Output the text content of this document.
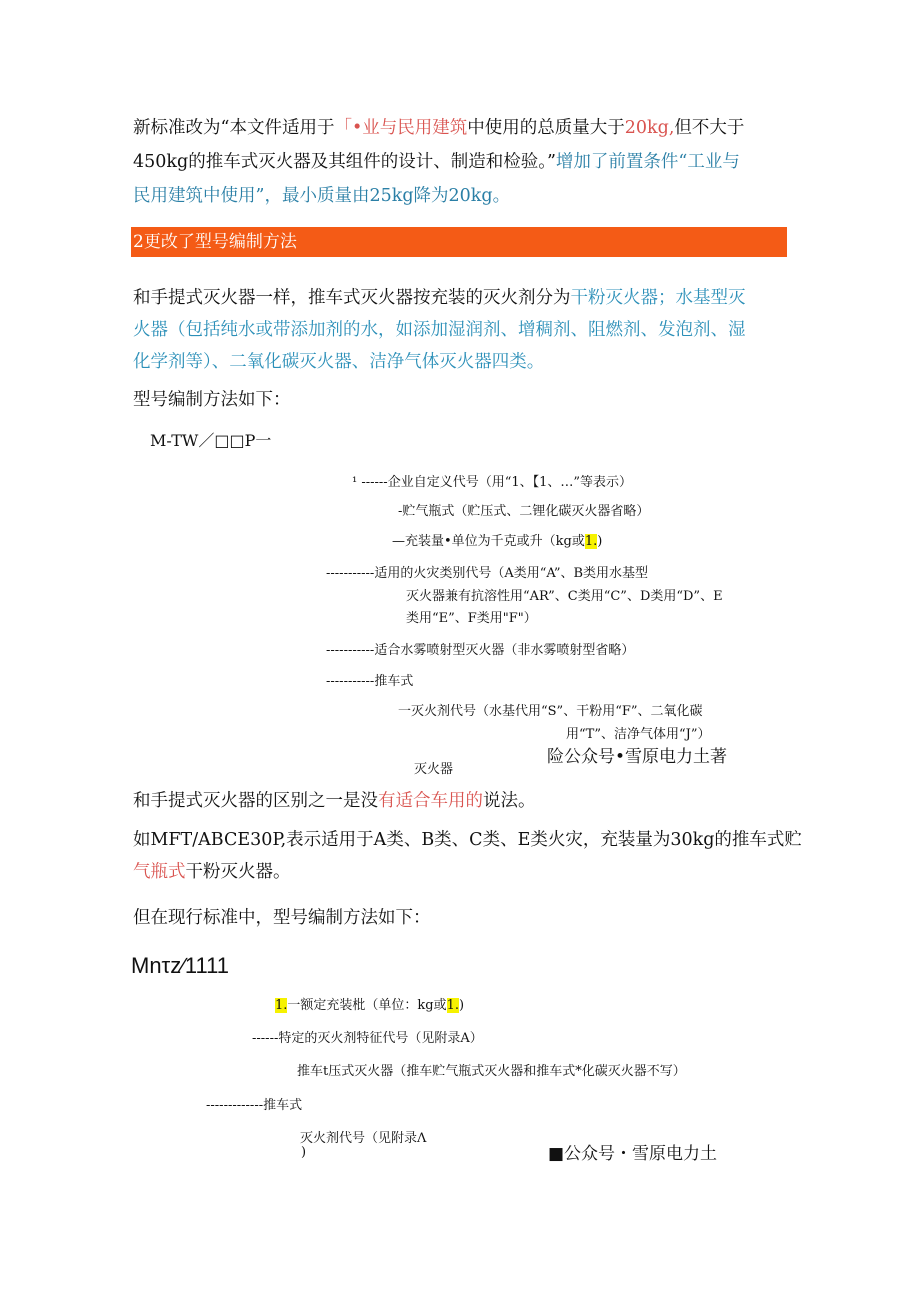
新标准改为“本文件适用于「•业与民用建筑中使用的总质量大于20kg,但不大于
450kg的推车式灭火器及其组件的设计、制造和检验。”增加了前置条件“工业与
民用建筑中使用”，最小质量由25kg降为20kg。
2更改了型号编制方法
和手提式灭火器一样，推车式灭火器按充装的灭火剂分为干粉灭火器；水基型灭
火器（包括纯水或带添加剂的水，如添加湿润剂、增稠剂、阻燃剂、发泡剂、湿
化学剂等）、二氧化碳灭火器、洁净气体灭火器四类。
型号编制方法如下：
M-TW／□□P一
¹ ------企业自定义代号（用“1、【1、…”等表示）
-贮气瓶式（贮压式、二锂化碳灭火器省略）
—充装量•单位为千克或升（kg或1.)
-----------适用的火灾类别代号（A类用“A”、B类用水基型
灭火器兼有抗溶性用“AR”、C类用“C”、D类用“D”、E
类用“E”、F类用"F"）
-----------适合水雾喷射型灭火器（非水雾喷射型省略）
-----------推车式
一灭火剂代号（水基代用“S”、干粉用“F”、二氧化碳
用“T”、洁净气体用“J”）
灭火器
险公众号•雪原电力土著
和手提式灭火器的区别之一是没有适合车用的说法。
如MFT/ABCE30P,表示适用于A类、B类、C类、E类火灾，充装量为30kg的推车式贮
气瓶式干粉灭火器。
但在现行标准中，型号编制方法如下：
Mnτz∕1111
1.一额定充装枇（单位：kg或1.)
------特定的灭火剂特征代号（见附录A）
推车t压式灭火器（推车贮气瓶式灭火器和推车式*化碳灭火器不写）
-------------推车式
灭火剂代号（见附录Λ
)	■公众号・雪原电力土
